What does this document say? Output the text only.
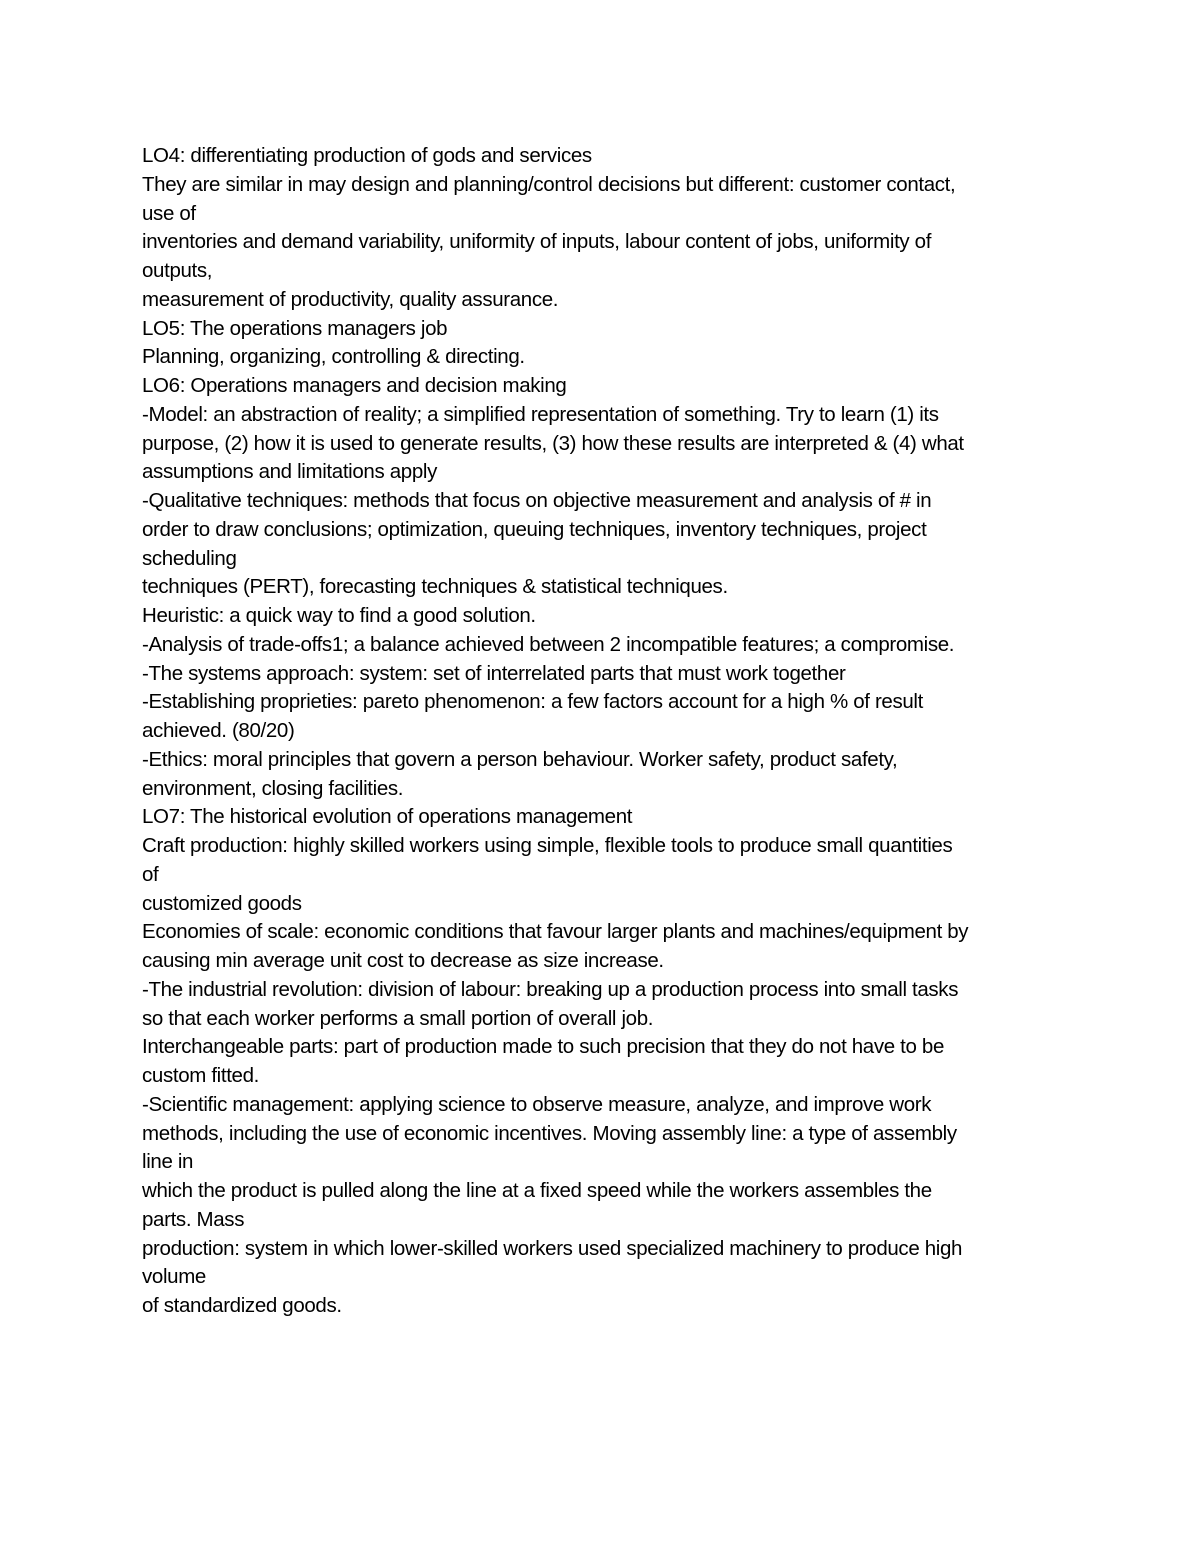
LO4: differentiating production of gods and services
They are similar in may design and planning/control decisions but different: customer contact,
use of
inventories and demand variability, uniformity of inputs, labour content of jobs, uniformity of
outputs,
measurement of productivity, quality assurance.
LO5: The operations managers job
Planning, organizing, controlling & directing.
LO6: Operations managers and decision making
-Model: an abstraction of reality; a simplified representation of something. Try to learn (1) its
purpose, (2) how it is used to generate results, (3) how these results are interpreted & (4) what
assumptions and limitations apply
-Qualitative techniques: methods that focus on objective measurement and analysis of # in
order to draw conclusions; optimization, queuing techniques, inventory techniques, project
scheduling
techniques (PERT), forecasting techniques & statistical techniques.
Heuristic: a quick way to find a good solution.
-Analysis of trade-offs1; a balance achieved between 2 incompatible features; a compromise.
-The systems approach: system: set of interrelated parts that must work together
-Establishing proprieties: pareto phenomenon: a few factors account for a high % of result
achieved. (80/20)
-Ethics: moral principles that govern a person behaviour. Worker safety, product safety,
environment, closing facilities.
LO7: The historical evolution of operations management
Craft production: highly skilled workers using simple, flexible tools to produce small quantities
of
customized goods
Economies of scale: economic conditions that favour larger plants and machines/equipment by
causing min average unit cost to decrease as size increase.
-The industrial revolution: division of labour: breaking up a production process into small tasks
so that each worker performs a small portion of overall job.
Interchangeable parts: part of production made to such precision that they do not have to be
custom fitted.
-Scientific management: applying science to observe measure, analyze, and improve work
methods, including the use of economic incentives. Moving assembly line: a type of assembly
line in
which the product is pulled along the line at a fixed speed while the workers assembles the
parts. Mass
production: system in which lower-skilled workers used specialized machinery to produce high
volume
of standardized goods.
